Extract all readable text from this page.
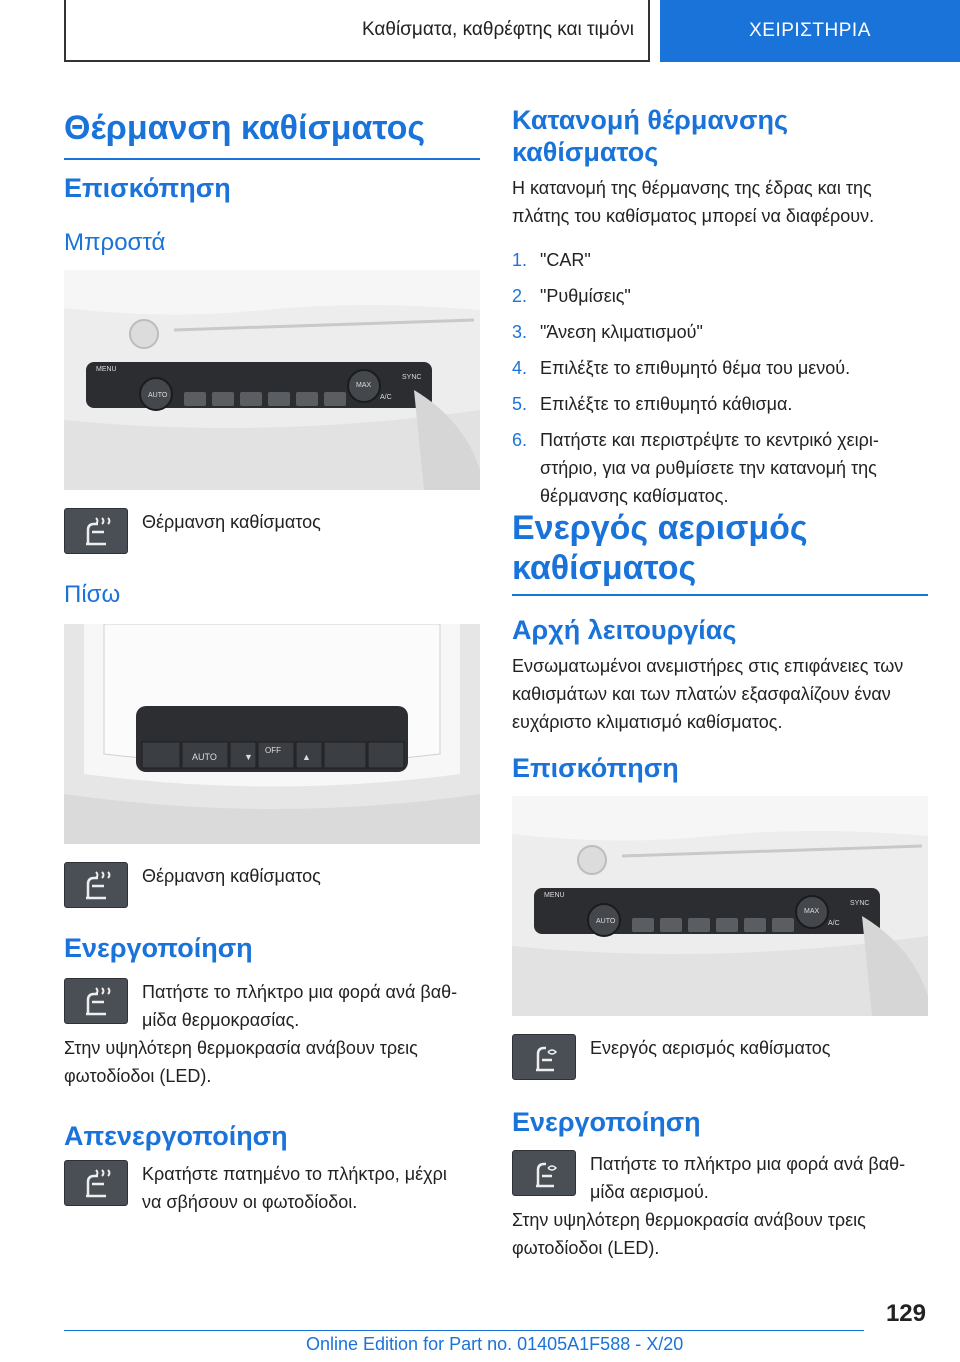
Καθίσματα, καθρέφτης και τιμόνι	ΧΕΙΡΙΣΤΗΡΙΑ
Θέρμανση καθίσματος
Επισκόπηση
Μπροστά
MENU
AUTO
MAX
SYNC
A/C
Θέρμανση καθίσματος
Πίσω
▼	▲
AUTO
OFF
Θέρμανση καθίσματος
Ενεργοποίηση
Πατήστε το πλήκτρο μια φορά ανά βαθ-μίδα θερμοκρασίας.

Στην υψηλότερη θερμοκρασία ανάβουν τρεις φωτοδίοδοι (LED).

Απενεργοποίηση
Κρατήστε πατημένο το πλήκτρο, μέχρι να σβήσουν οι φωτοδίοδοι.
Κατανομή θέρμανσης καθίσματος

Η κατανομή της θέρμανσης της έδρας και της πλάτης του καθίσματος μπορεί να διαφέρουν.

1. "CAR"
2. "Ρυθμίσεις"
3. "Άνεση κλιματισμού"
4. Επιλέξτε το επιθυμητό θέμα του μενού.
5. Επιλέξτε το επιθυμητό κάθισμα.
6. Πατήστε και περιστρέψτε το κεντρικό χειρι-στήριο, για να ρυθμίσετε την κατανομή της θέρμανσης καθίσματος.
Ενεργός αερισμός καθίσματος
Αρχή λειτουργίας

Ενσωματωμένοι ανεμιστήρες στις επιφάνειες των καθισμάτων και των πλατών εξασφαλίζουν έναν ευχάριστο κλιματισμό καθίσματος.

Επισκόπηση
MENU
AUTO
MAX
SYNC
A/C
Ενεργός αερισμός καθίσματος
Ενεργοποίηση
Πατήστε το πλήκτρο μια φορά ανά βαθ-μίδα αερισμού.

Στην υψηλότερη θερμοκρασία ανάβουν τρεις φωτοδίοδοι (LED).

129
Online Edition for Part no. 01405A1F588 - X/20
